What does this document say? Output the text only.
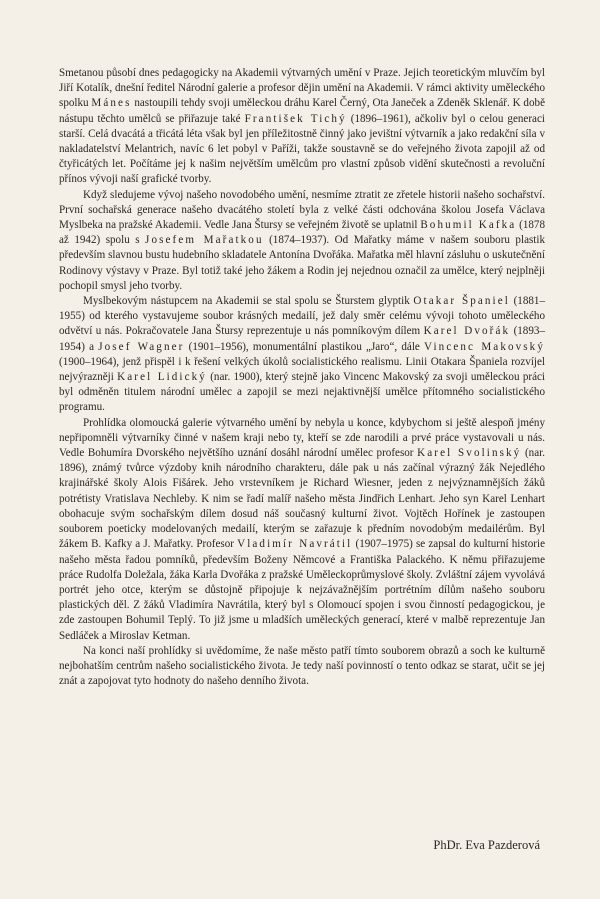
Smetanou působí dnes pedagogicky na Akademii výtvarných umění v Praze. Jejich teoretickým mluvčím byl Jiří Kotalík, dnešní ředitel Národní galerie a profesor dějin umění na Akademii. V rámci aktivity uměleckého spolku Mánes nastoupili tehdy svoji uměleckou dráhu Karel Černý, Ota Janeček a Zdeněk Sklenář. K době nástupu těchto umělců se přiřazuje také František Tichý (1896–1961), ačkoliv byl o celou generaci starší. Celá dvacátá a třicátá léta však byl jen příležitostně činný jako jevištní výtvarník a jako redakční síla v nakladatelství Melantrich, navíc 6 let pobyl v Paříži, takže soustavně se do veřejného života zapojil až od čtyřicátých let. Počítáme jej k našim největším umělcům pro vlastní způsob vidění skutečnosti a revoluční přínos vývoji naší grafické tvorby.

Když sledujeme vývoj našeho novodobého umění, nesmíme ztratit ze zřetele historii našeho sochařství. První sochařská generace našeho dvacátého století byla z velké části odchována školou Josefa Václava Myslbeka na pražské Akademii. Vedle Jana Štursy se veřejném životě se uplatnil Bohumil Kafka (1878 až 1942) spolu s Josefem Mařatkou (1874–1937). Od Mařatky máme v našem souboru plastik především slavnou bustu hudebního skladatele Antonína Dvořáka. Mařatka měl hlavní zásluhu o uskutečnění Rodinovy výstavy v Praze. Byl totiž také jeho žákem a Rodin jej nejednou označil za umělce, který nejplněji pochopil smysl jeho tvorby.

Myslbekovým nástupcem na Akademii se stal spolu se Šturstem glyptik Otakar Španiel (1881–1955) od kterého vystavujeme soubor krásných medailí, jež daly směr celému vývoji tohoto uměleckého odvětví u nás. Pokračovatele Jana Štursy reprezentuje u nás pomníkovým dílem Karel Dvořák (1893–1954) a Josef Wagner (1901–1956), monumentální plastikou „Jaro“, dále Vincenc Makovský (1900–1964), jenž přispěl i k řešení velkých úkolů socialistického realismu. Linii Otakara Španiela rozvíjel nejvýrazněji Karel Lidický (nar. 1900), který stejně jako Vincenc Makovský za svoji uměleckou práci byl odměněn titulem národní umělec a zapojil se mezi nejaktivnější umělce přítomného socialistického programu.

Prohlídka olomoucká galerie výtvarného umění by nebyla u konce, kdybychom si ještě alespoň jmény nepřipomněli výtvarníky činné v našem kraji nebo ty, kteří se zde narodili a prvé práce vystavovali u nás. Vedle Bohumíra Dvorského největšího uznání dosáhl národní umělec profesor Karel Svolinský (nar. 1896), známý tvůrce výzdoby knih národního charakteru, dále pak u nás začínal výrazný žák Nejedlého krajinářské školy Alois Fišárek. Jeho vrstevníkem je Richard Wiesner, jeden z nejvýznamnějších žáků potrétisty Vratislava Nechleby. K nim se řadí malíř našeho města Jindřich Lenhart. Jeho syn Karel Lenhart obohacuje svým sochařským dílem dosud náš současný kulturní život. Vojtěch Hořínek je zastoupen souborem poeticky modelovaných medailí, kterým se zařazuje k předním novodobým medailérům. Byl žákem B. Kafky a J. Mařatky. Profesor Vladimír Navrátil (1907–1975) se zapsal do kulturní historie našeho města řadou pomníků, především Boženy Němcové a Františka Palackého. K němu přiřazujeme práce Rudolfa Doležala, žáka Karla Dvořáka z pražské Uměleckoprůmyslové školy. Zvláštní zájem vyvolává portrét jeho otce, kterým se důstojně připojuje k nejzávažnějším portrétním dílům našeho souboru plastických děl. Z žáků Vladimíra Navrátila, který byl s Olomoucí spojen i svou činností pedagogickou, je zde zastoupen Bohumil Teplý. To již jsme u mladších uměleckých generací, které v malbě reprezentuje Jan Sedláček a Miroslav Ketman.

Na konci naší prohlídky si uvědomíme, že naše město patří tímto souborem obrazů a soch ke kulturně nejbohatším centrům našeho socialistického života. Je tedy naší povinností o tento odkaz se starat, učit se jej znát a zapojovat tyto hodnoty do našeho denního života.

PhDr. Eva Pazderová
